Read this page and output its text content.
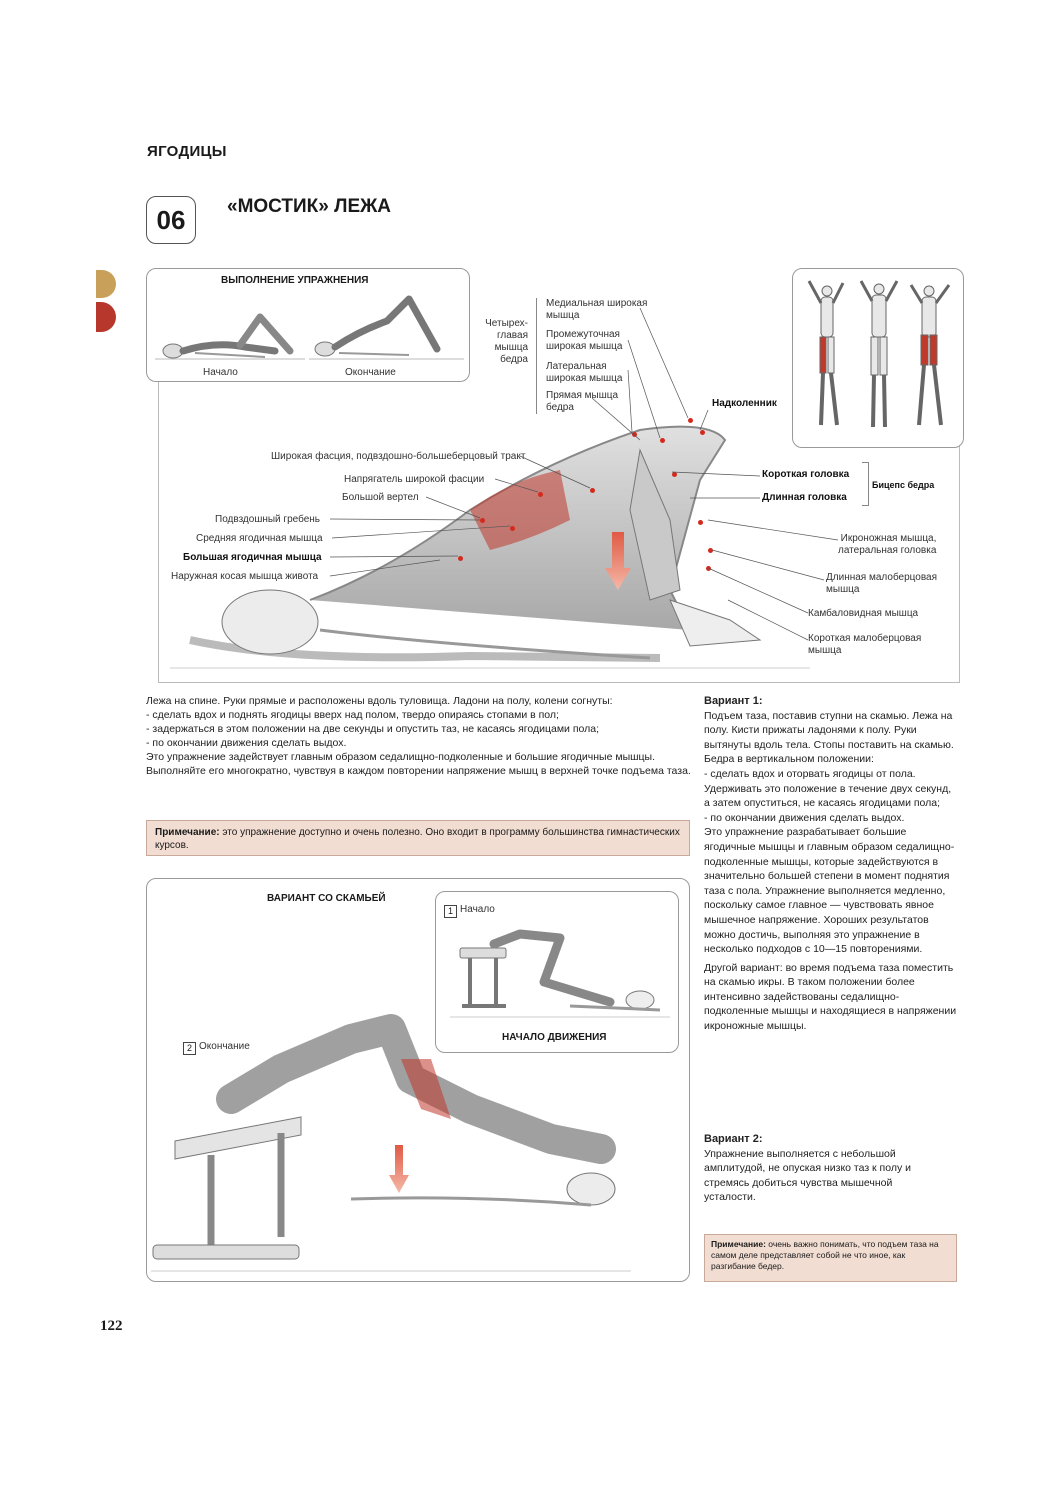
ЯГОДИЦЫ
06	«МОСТИК» ЛЕЖА
ВЫПОЛНЕНИЕ УПРАЖНЕНИЯ
Начало	Окончание
Четырех-
главая
мышца
бедра
Медиальная широкая
мышца
Промежуточная
широкая мышца
Латеральная
широкая мышца
Прямая мышца
бедра
Широкая фасция, подвздошно-большеберцовый тракт
Напрягатель широкой фасции
Большой вертел
Подвздошный гребень
Средняя ягодичная мышца
Большая ягодичная мышца
Наружная косая мышца живота
Надколенник
Короткая головка
Длинная головка
Бицепс бедра
Икроножная мышца,
латеральная головка
Длинная малоберцовая
мышца
Камбаловидная мышца
Короткая малоберцовая
мышца
Лежа на спине. Руки прямые и расположены вдоль туловища. Ладони на полу, колени согнуты:
- сделать вдох и поднять ягодицы вверх над полом, твердо опираясь стопами в пол;
- задержаться в этом положении на две секунды и опустить таз, не касаясь ягодицами пола;
- по окончании движения сделать выдох.
Это упражнение задействует главным образом седалищно-подколенные и большие ягодичные мышцы.
Выполняйте его многократно, чувствуя в каждом повторении напряжение мышц в верхней точке подъема таза.
Примечание: это упражнение доступно и очень полезно. Оно входит в программу большинства гимнастических курсов.
ВАРИАНТ СО СКАМЬЕЙ
1 Начало
НАЧАЛО ДВИЖЕНИЯ
2 Окончание
Вариант 1:
Подъем таза, поставив ступни на скамью. Лежа на полу. Кисти прижаты ладонями к полу. Руки вытянуты вдоль тела. Стопы поставить на скамью. Бедра в вертикальном положении:
- сделать вдох и оторвать ягодицы от пола. Удерживать это положение в течение двух секунд, а затем опуститься, не касаясь ягодицами пола;
- по окончании движения сделать выдох.
Это упражнение разрабатывает большие ягодичные мышцы и главным образом седалищно-подколенные мышцы, которые задействуются в значительно большей степени в момент поднятия таза с пола. Упражнение выполняется медленно, поскольку самое главное — чувствовать явное мышечное напряжение. Хороших результатов можно достичь, выполняя это упражнение в несколько подходов с 10—15 повторениями.
Другой вариант: во время подъема таза поместить на скамью икры. В таком положении более интенсивно задействованы седалищно-подколенные мышцы и находящиеся в напряжении икроножные мышцы.
Вариант 2:
Упражнение выполняется с небольшой амплитудой, не опуская низко таз к полу и стремясь добиться чувства мышечной усталости.
Примечание: очень важно понимать, что подъем таза на самом деле представляет собой не что иное, как разгибание бедер.
122
